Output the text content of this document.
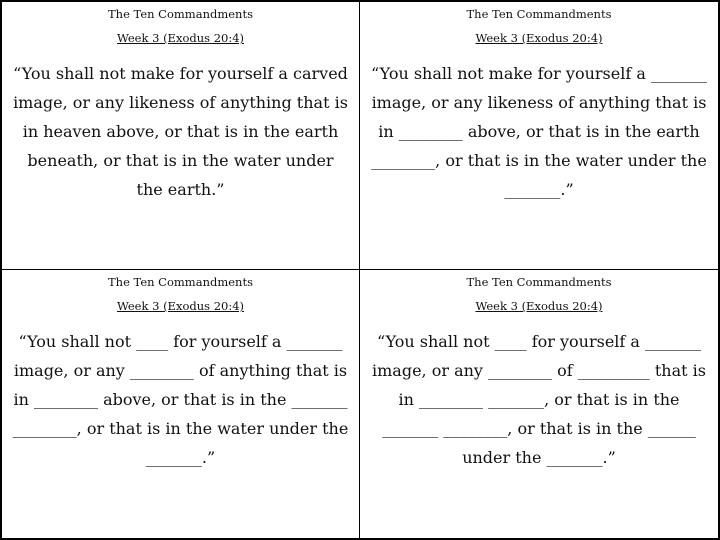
The Ten Commandments
Week 3 (Exodus 20:4)
“You shall not make for yourself a carved image, or any likeness of anything that is in heaven above, or that is in the earth beneath, or that is in the water under the earth.”
The Ten Commandments
Week 3 (Exodus 20:4)
“You shall not make for yourself a _______ image, or any likeness of anything that is in ________ above, or that is in the earth ________, or that is in the water under the _______.”
The Ten Commandments
Week 3 (Exodus 20:4)
“You shall not ____ for yourself a _______ image, or any ________ of anything that is in ________ above, or that is in the _______ ________, or that is in the water under the _______.”
The Ten Commandments
Week 3 (Exodus 20:4)
“You shall not ____ for yourself a _______ image, or any ________ of _________ that is in ________ _______, or that is in the _______ ________, or that is in the ______ under the _______.”
